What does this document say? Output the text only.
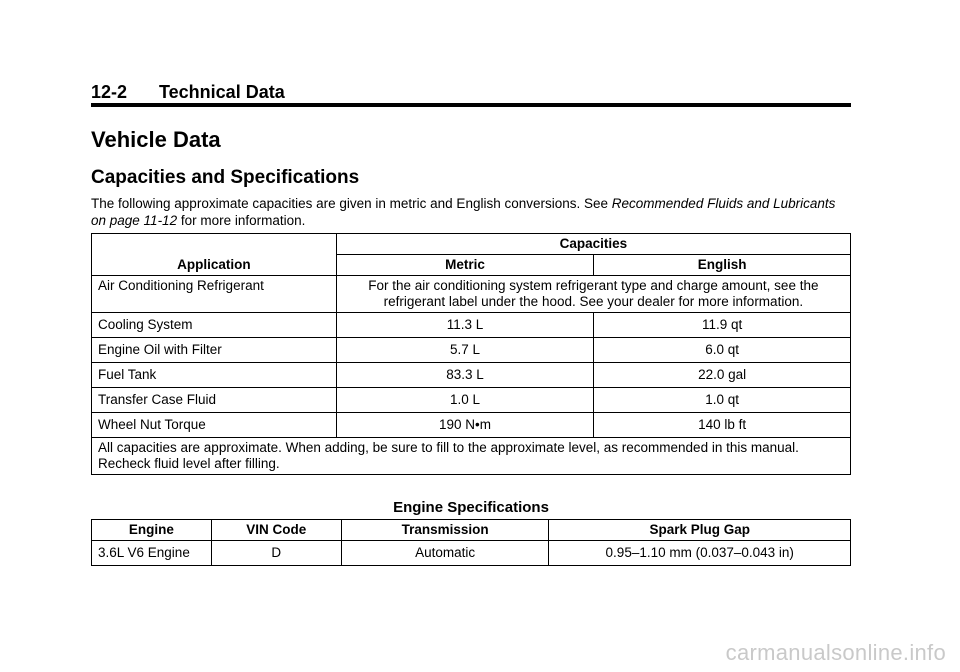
12-2 Technical Data
Vehicle Data
Capacities and Specifications
The following approximate capacities are given in metric and English conversions. See Recommended Fluids and Lubricants on page 11-12 for more information.
Application	Capacities	
	Metric	English
Air Conditioning Refrigerant	For the air conditioning system refrigerant type and charge amount, see the refrigerant label under the hood. See your dealer for more information.	
Cooling System	11.3 L	11.9 qt
Engine Oil with Filter	5.7 L	6.0 qt
Fuel Tank	83.3 L	22.0 gal
Transfer Case Fluid	1.0 L	1.0 qt
Wheel Nut Torque	190 N•m	140 lb ft
All capacities are approximate. When adding, be sure to fill to the approximate level, as recommended in this manual. Recheck fluid level after filling.		
Engine Specifications
Engine	VIN Code	Transmission	Spark Plug Gap
3.6L V6 Engine	D	Automatic	0.95–1.10 mm (0.037–0.043 in)
carmanualsonline.info
